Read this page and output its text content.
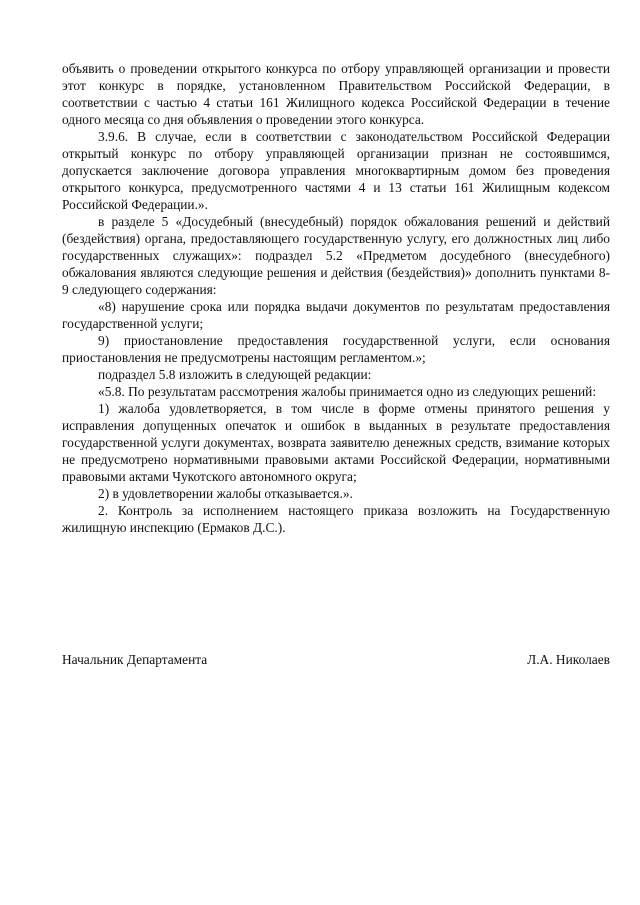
объявить о проведении открытого конкурса по отбору управляющей организации и провести этот конкурс в порядке, установленном Правительством Российской Федерации, в соответствии с частью 4 статьи 161 Жилищного кодекса Российской Федерации в течение одного месяца со дня объявления о проведении этого конкурса.

3.9.6. В случае, если в соответствии с законодательством Российской Федерации открытый конкурс по отбору управляющей организации признан не состоявшимся, допускается заключение договора управления многоквартирным домом без проведения открытого конкурса, предусмотренного частями 4 и 13 статьи 161 Жилищным кодексом Российской Федерации.».

в разделе 5 «Досудебный (внесудебный) порядок обжалования решений и действий (бездействия) органа, предоставляющего государственную услугу, его должностных лиц либо государственных служащих»: подраздел 5.2 «Предметом досудебного (внесудебного) обжалования являются следующие решения и действия (бездействия)» дополнить пунктами 8-9 следующего содержания:

«8) нарушение срока или порядка выдачи документов по результатам предоставления государственной услуги;

9) приостановление предоставления государственной услуги, если основания приостановления не предусмотрены настоящим регламентом.»;

подраздел 5.8 изложить в следующей редакции:

«5.8. По результатам рассмотрения жалобы принимается одно из следующих решений:

1) жалоба удовлетворяется, в том числе в форме отмены принятого решения у исправления допущенных опечаток и ошибок в выданных в результате предоставления государственной услуги документах, возврата заявителю денежных средств, взимание которых не предусмотрено нормативными правовыми актами Российской Федерации, нормативными правовыми актами Чукотского автономного округа;

2) в удовлетворении жалобы отказывается.».

2. Контроль за исполнением настоящего приказа возложить на Государственную жилищную инспекцию (Ермаков Д.С.).

Начальник Департамента	Л.А. Николаев
